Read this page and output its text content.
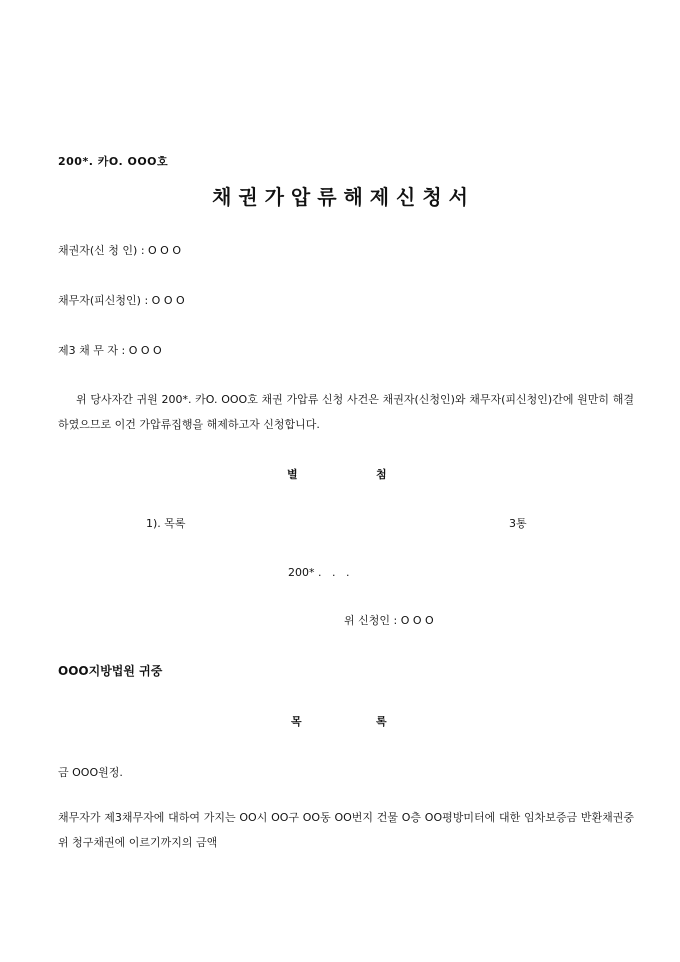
200*. 카O. OOO호
채 권 가 압 류 해 제 신 청 서
채권자(신 청 인) : O O O
채무자(피신청인) : O O O
제3 채 무 자 : O O O
위 당사자간 귀원 200*. 카O. OOO호 채권 가압류 신청 사건은 채권자(신청인)와 채무자(피신청인)간에 원만히 해결하였으므로 이건 가압류집행을 해제하고자 신청합니다.
별	첨
1). 목록	3통
200* .   .   .
위 신청인 : O O O
OOO지방법원 귀중
목	록
금 OOO원정.
채무자가 제3채무자에 대하여 가지는 OO시 OO구 OO동 OO번지 건물 O층 OO평방미터에 대한 임차보증금 반환채권중 위 청구채권에 이르기까지의 금액
